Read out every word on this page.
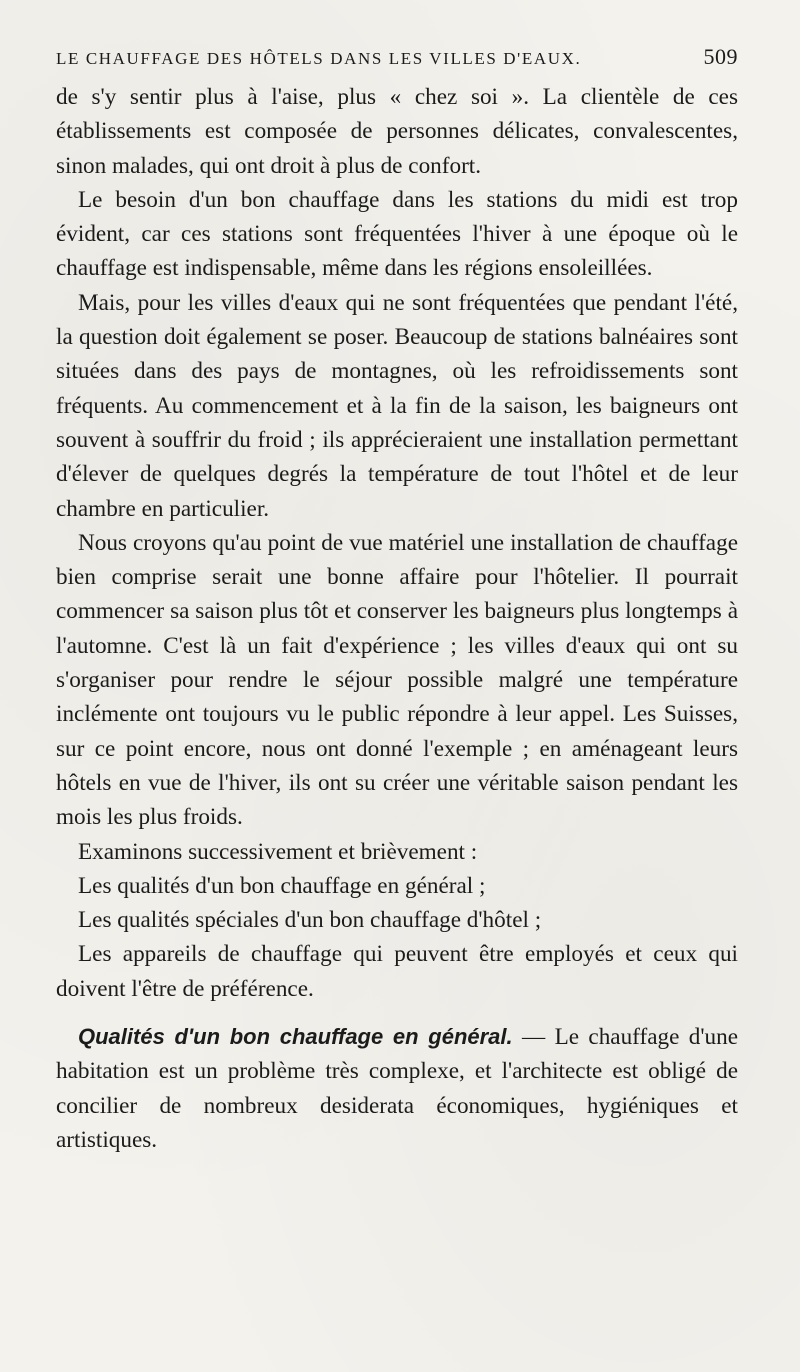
LE CHAUFFAGE DES HÔTELS DANS LES VILLES D'EAUX.	509

de s'y sentir plus à l'aise, plus « chez soi ». La clientèle de ces établissements est composée de personnes délicates, convalescentes, sinon malades, qui ont droit à plus de confort.

Le besoin d'un bon chauffage dans les stations du midi est trop évident, car ces stations sont fréquentées l'hiver à une époque où le chauffage est indispensable, même dans les régions ensoleillées.

Mais, pour les villes d'eaux qui ne sont fréquentées que pendant l'été, la question doit également se poser. Beaucoup de stations balnéaires sont situées dans des pays de montagnes, où les refroidissements sont fréquents. Au commencement et à la fin de la saison, les baigneurs ont souvent à souffrir du froid ; ils apprécieraient une installation permettant d'élever de quelques degrés la température de tout l'hôtel et de leur chambre en particulier.

Nous croyons qu'au point de vue matériel une installation de chauffage bien comprise serait une bonne affaire pour l'hôtelier. Il pourrait commencer sa saison plus tôt et conserver les baigneurs plus longtemps à l'automne. C'est là un fait d'expérience ; les villes d'eaux qui ont su s'organiser pour rendre le séjour possible malgré une température inclémente ont toujours vu le public répondre à leur appel. Les Suisses, sur ce point encore, nous ont donné l'exemple ; en aménageant leurs hôtels en vue de l'hiver, ils ont su créer une véritable saison pendant les mois les plus froids.

Examinons successivement et brièvement :

Les qualités d'un bon chauffage en général ;

Les qualités spéciales d'un bon chauffage d'hôtel ;

Les appareils de chauffage qui peuvent être employés et ceux qui doivent l'être de préférence.

Qualités d'un bon chauffage en général. — Le chauffage d'une habitation est un problème très complexe, et l'architecte est obligé de concilier de nombreux desiderata économiques, hygiéniques et artistiques.
